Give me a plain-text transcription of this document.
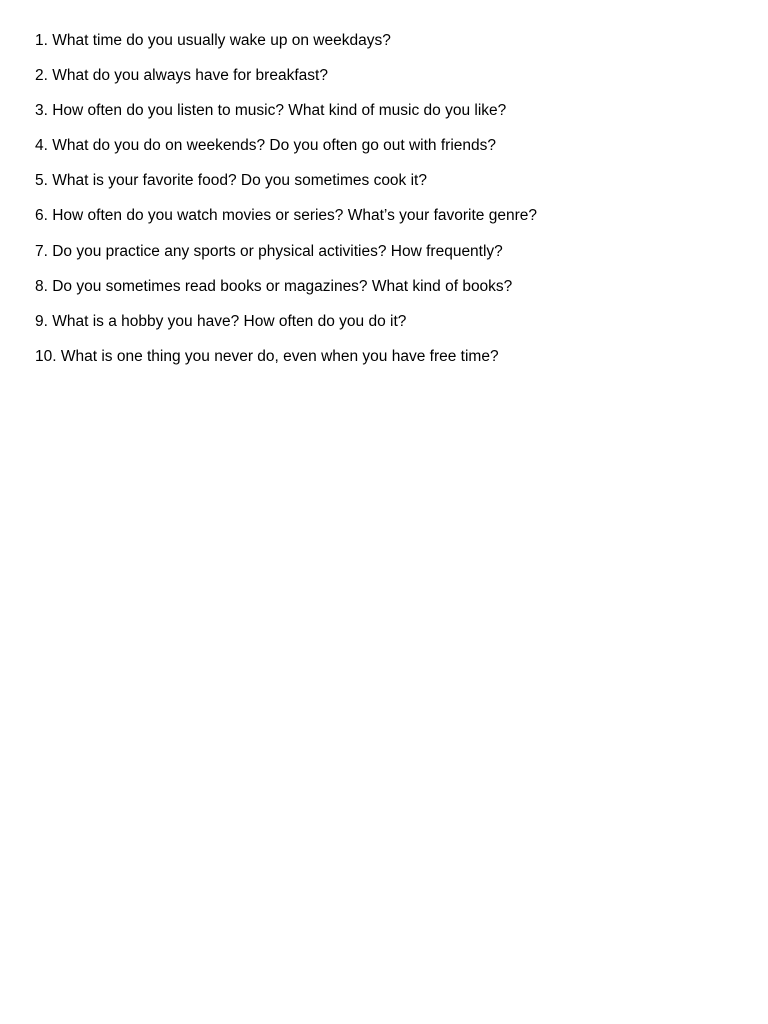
1. What time do you usually wake up on weekdays?
2. What do you always have for breakfast?
3. How often do you listen to music? What kind of music do you like?
4. What do you do on weekends? Do you often go out with friends?
5. What is your favorite food? Do you sometimes cook it?
6. How often do you watch movies or series? What’s your favorite genre?
7. Do you practice any sports or physical activities? How frequently?
8. Do you sometimes read books or magazines? What kind of books?
9. What is a hobby you have? How often do you do it?
10. What is one thing you never do, even when you have free time?
